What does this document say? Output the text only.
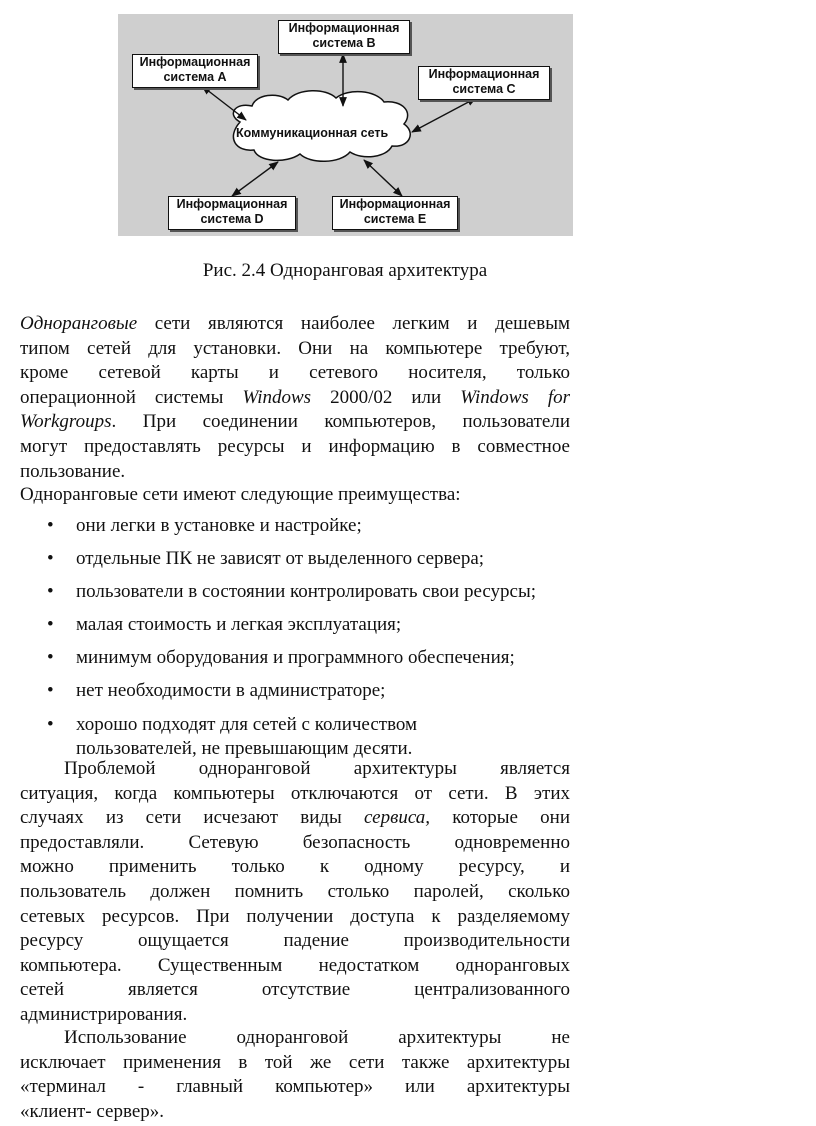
Информационная
система А
Информационная
система В
Информационная
система С
Информационная
система D
Информационная
система Е
Коммуникационная сеть
Рис. 2.4 Одноранговая архитектура
Одноранговые сети являются наиболее легким и дешевым
типом сетей для установки. Они на компьютере требуют,
кроме сетевой карты и сетевого носителя, только
операционной системы Windows 2000/02 или Windows for
Workgroups. При соединении компьютеров, пользователи
могут предоставлять ресурсы и информацию в совместное
пользование.
Одноранговые сети имеют следующие преимущества:
• они легки в установке и настройке;
• отдельные ПК не зависят от выделенного сервера;
• пользователи в состоянии контролировать свои ресурсы;
• малая стоимость и легкая эксплуатация;
• минимум оборудования и программного обеспечения;
• нет необходимости в администраторе;
• хорошо подходят для сетей с количеством
пользователей, не превышающим десяти.
Проблемой одноранговой архитектуры является
ситуация, когда компьютеры отключаются от сети. В этих
случаях из сети исчезают виды сервиса, которые они
предоставляли. Сетевую безопасность одновременно
можно применить только к одному ресурсу, и
пользователь должен помнить столько паролей, сколько
сетевых ресурсов. При получении доступа к разделяемому
ресурсу ощущается падение производительности
компьютера. Существенным недостатком одноранговых
сетей является отсутствие централизованного
администрирования.
Использование одноранговой архитектуры не
исключает применения в той же сети также архитектуры
«терминал - главный компьютер» или архитектуры
«клиент- сервер».
